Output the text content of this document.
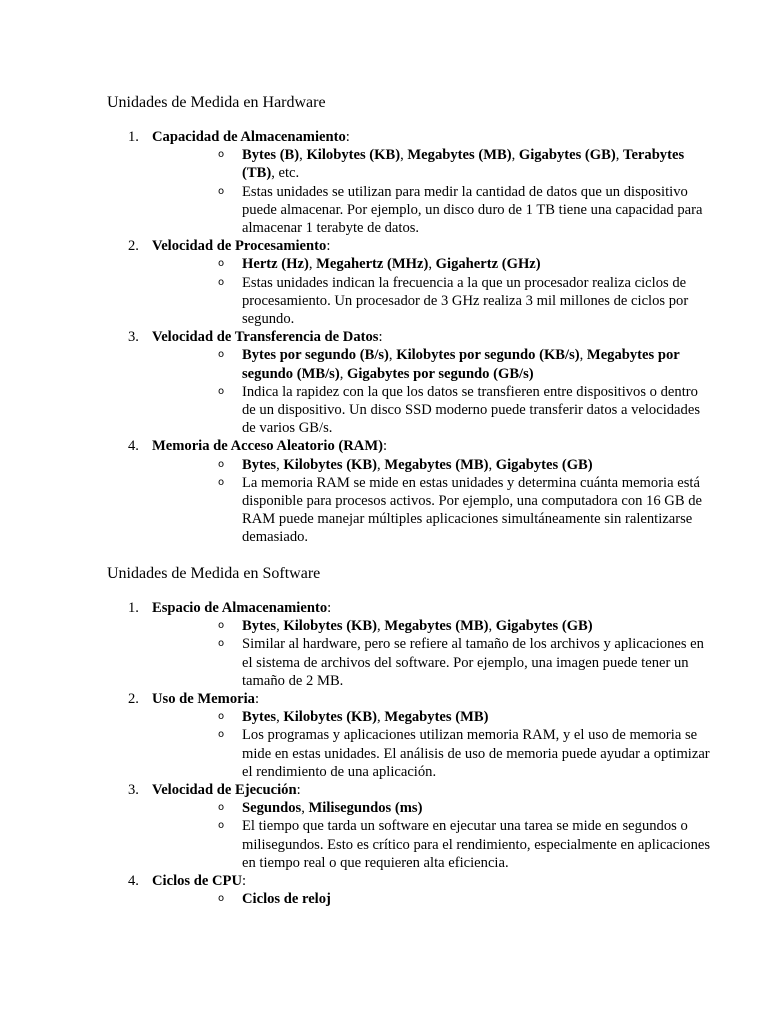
Unidades de Medida en Hardware
1. Capacidad de Almacenamiento:
o Bytes (B), Kilobytes (KB), Megabytes (MB), Gigabytes (GB), Terabytes (TB), etc.
o Estas unidades se utilizan para medir la cantidad de datos que un dispositivo puede almacenar. Por ejemplo, un disco duro de 1 TB tiene una capacidad para almacenar 1 terabyte de datos.
2. Velocidad de Procesamiento:
o Hertz (Hz), Megahertz (MHz), Gigahertz (GHz)
o Estas unidades indican la frecuencia a la que un procesador realiza ciclos de procesamiento. Un procesador de 3 GHz realiza 3 mil millones de ciclos por segundo.
3. Velocidad de Transferencia de Datos:
o Bytes por segundo (B/s), Kilobytes por segundo (KB/s), Megabytes por segundo (MB/s), Gigabytes por segundo (GB/s)
o Indica la rapidez con la que los datos se transfieren entre dispositivos o dentro de un dispositivo. Un disco SSD moderno puede transferir datos a velocidades de varios GB/s.
4. Memoria de Acceso Aleatorio (RAM):
o Bytes, Kilobytes (KB), Megabytes (MB), Gigabytes (GB)
o La memoria RAM se mide en estas unidades y determina cuánta memoria está disponible para procesos activos. Por ejemplo, una computadora con 16 GB de RAM puede manejar múltiples aplicaciones simultáneamente sin ralentizarse demasiado.
Unidades de Medida en Software
1. Espacio de Almacenamiento:
o Bytes, Kilobytes (KB), Megabytes (MB), Gigabytes (GB)
o Similar al hardware, pero se refiere al tamaño de los archivos y aplicaciones en el sistema de archivos del software. Por ejemplo, una imagen puede tener un tamaño de 2 MB.
2. Uso de Memoria:
o Bytes, Kilobytes (KB), Megabytes (MB)
o Los programas y aplicaciones utilizan memoria RAM, y el uso de memoria se mide en estas unidades. El análisis de uso de memoria puede ayudar a optimizar el rendimiento de una aplicación.
3. Velocidad de Ejecución:
o Segundos, Milisegundos (ms)
o El tiempo que tarda un software en ejecutar una tarea se mide en segundos o milisegundos. Esto es crítico para el rendimiento, especialmente en aplicaciones en tiempo real o que requieren alta eficiencia.
4. Ciclos de CPU:
o Ciclos de reloj
